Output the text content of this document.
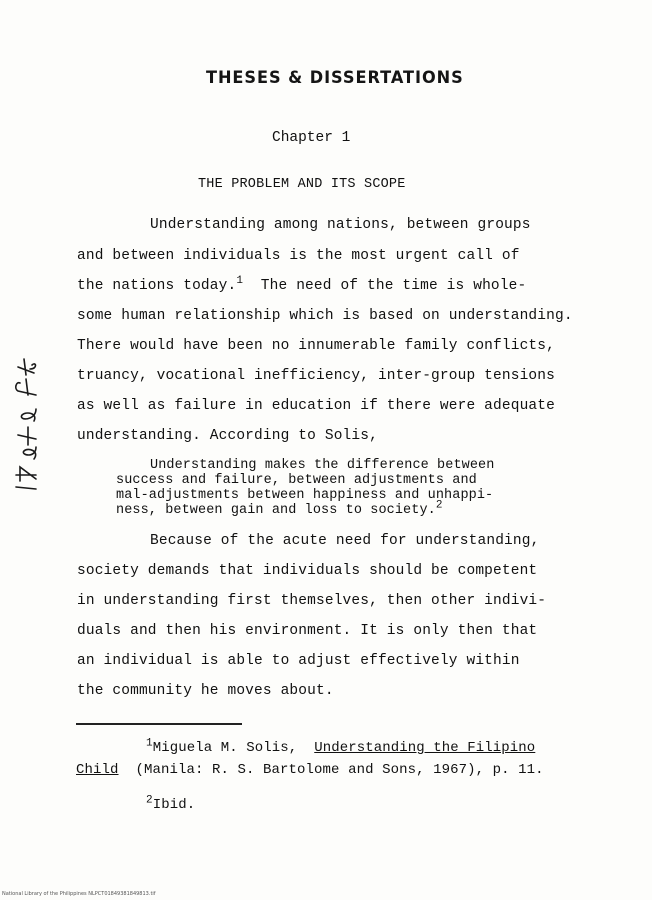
THESES & DISSERTATIONS
Chapter 1
THE PROBLEM AND ITS SCOPE
Understanding among nations, between groups
and between individuals is the most urgent call of
the nations today.$^1$ The need of the time is whole-
some human relationship which is based on understanding.
There would have been no innumerable family conflicts,
truancy, vocational inefficiency, inter-group tensions
as well as failure in education if there were adequate
understanding. According to Solis,
Understanding makes the difference between
success and failure, between adjustments and
mal-adjustments between happiness and unhappi-
ness, between gain and loss to society.$^2$
Because of the acute need for understanding,
society demands that individuals should be competent
in understanding first themselves, then other indivi-
duals and then his environment. It is only then that
an individual is able to adjust effectively within
the community he moves about.
$^1$Miguela M. Solis, Understanding the Filipino
Child (Manila: R. S. Bartolome and Sons, 1967), p. 11.
$^2$Ibid.
National Library of the Philippines NLPCT01849381849813.tif
